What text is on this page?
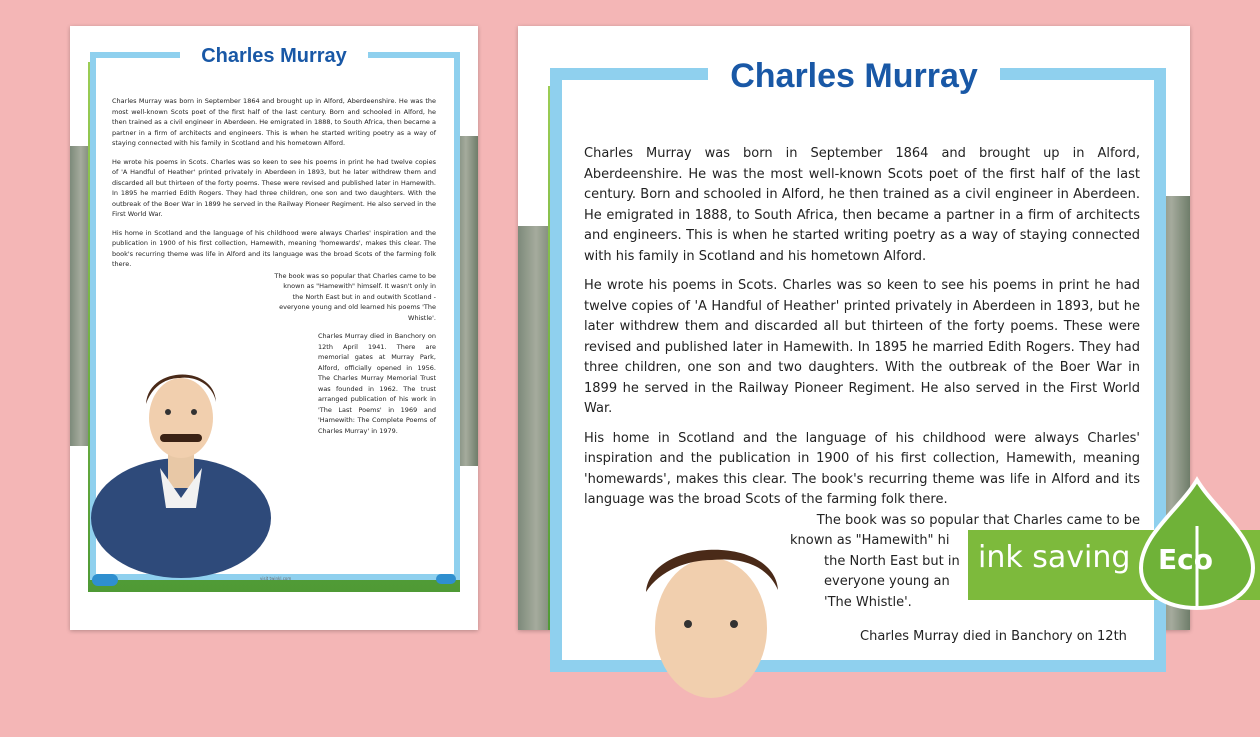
Charles Murray

Charles Murray was born in September 1864 and brought up in Alford, Aberdeenshire. He was the most well-known Scots poet of the first half of the last century. Born and schooled in Alford, he then trained as a civil engineer in Aberdeen. He emigrated in 1888, to South Africa, then became a partner in a firm of architects and engineers. This is when he started writing poetry as a way of staying connected with his family in Scotland and his hometown Alford.

He wrote his poems in Scots. Charles was so keen to see his poems in print he had twelve copies of 'A Handful of Heather' printed privately in Aberdeen in 1893, but he later withdrew them and discarded all but thirteen of the forty poems. These were revised and published later in Hamewith. In 1895 he married Edith Rogers. They had three children, one son and two daughters. With the outbreak of the Boer War in 1899 he served in the Railway Pioneer Regiment. He also served in the First World War.

His home in Scotland and the language of his childhood were always Charles' inspiration and the publication in 1900 of his first collection, Hamewith, meaning 'homewards', makes this clear. The book's recurring theme was life in Alford and its language was the broad Scots of the farming folk there.

The book was so popular that Charles came to be known as "Hamewith" himself. It wasn't only in the North East but in and outwith Scotland - everyone young and old learned his poems 'The Whistle'.

Charles Murray died in Banchory on 12th April 1941. There are memorial gates at Murray Park, Alford, officially opened in 1956. The Charles Murray Memorial Trust was founded in 1962. The trust arranged publication of his work in 'The Last Poems' in 1969 and 'Hamewith: The Complete Poems of Charles Murray' in 1979.

visit twinkl.com
Charles Murray

Charles Murray was born in September 1864 and brought up in Alford, Aberdeenshire. He was the most well-known Scots poet of the first half of the last century. Born and schooled in Alford, he then trained as a civil engineer in Aberdeen. He emigrated in 1888, to South Africa, then became a partner in a firm of architects and engineers. This is when he started writing poetry as a way of staying connected with his family in Scotland and his hometown Alford.

He wrote his poems in Scots. Charles was so keen to see his poems in print he had twelve copies of 'A Handful of Heather' printed privately in Aberdeen in 1893, but he later withdrew them and discarded all but thirteen of the forty poems. These were revised and published later in Hamewith. In 1895 he married Edith Rogers. They had three children, one son and two daughters. With the outbreak of the Boer War in 1899 he served in the Railway Pioneer Regiment. He also served in the First World War.

His home in Scotland and the language of his childhood were always Charles' inspiration and the publication in 1900 of his first collection, Hamewith, meaning 'homewards', makes this clear. The book's recurring theme was life in Alford and its language was the broad Scots of the farming folk there.

The book was so popular that Charles came to be

known as "Hamewith" hi

the North East but in

everyone young an

'The Whistle'.

Charles Murray died in Banchory on 12th

ink saving Eco
